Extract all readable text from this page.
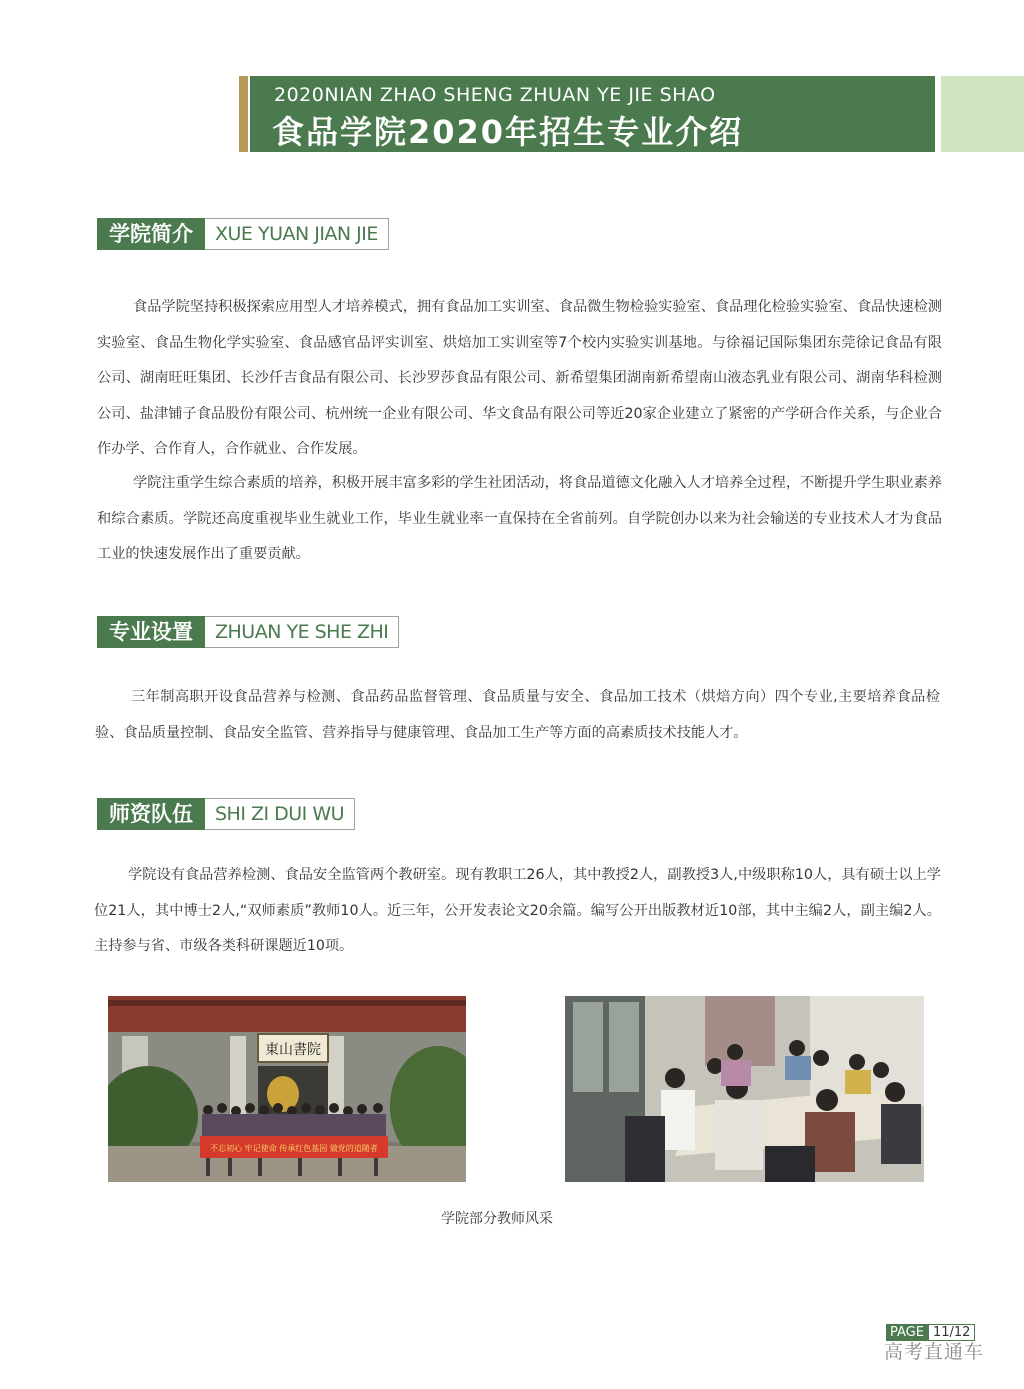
2020NIAN ZHAO SHENG ZHUAN YE JIE SHAO
食品学院2020年招生专业介绍
学院简介	XUE YUAN JIAN JIE

食品学院坚持积极探索应用型人才培养模式，拥有食品加工实训室、食品微生物检验实验室、食品理化检验实验室、食品快速检测实验室、食品生物化学实验室、食品感官品评实训室、烘焙加工实训室等7个校内实验实训基地。与徐福记国际集团东莞徐记食品有限公司、湖南旺旺集团、长沙仟吉食品有限公司、长沙罗莎食品有限公司、新希望集团湖南新希望南山液态乳业有限公司、湖南华科检测公司、盐津铺子食品股份有限公司、杭州统一企业有限公司、华文食品有限公司等近20家企业建立了紧密的产学研合作关系，与企业合作办学、合作育人，合作就业、合作发展。

学院注重学生综合素质的培养，积极开展丰富多彩的学生社团活动，将食品道德文化融入人才培养全过程，不断提升学生职业素养和综合素质。学院还高度重视毕业生就业工作，毕业生就业率一直保持在全省前列。自学院创办以来为社会输送的专业技术人才为食品工业的快速发展作出了重要贡献。

专业设置	ZHUAN YE SHE ZHI

三年制高职开设食品营养与检测、食品药品监督管理、食品质量与安全、食品加工技术（烘焙方向）四个专业,主要培养食品检验、食品质量控制、食品安全监管、营养指导与健康管理、食品加工生产等方面的高素质技术技能人才。

师资队伍	SHI ZI DUI WU

学院设有食品营养检测、食品安全监管两个教研室。现有教职工26人，其中教授2人，副教授3人,中级职称10人，具有硕士以上学位21人，其中博士2人,“双师素质”教师10人。近三年，公开发表论文20余篇。编写公开出版教材近10部，其中主编2人，副主编2人。主持参与省、市级各类科研课题近10项。

東山書院
不忘初心 牢记使命 传承红色基因 做党的追随者
学院部分教师风采
PAGE 11/12
高考直通车
